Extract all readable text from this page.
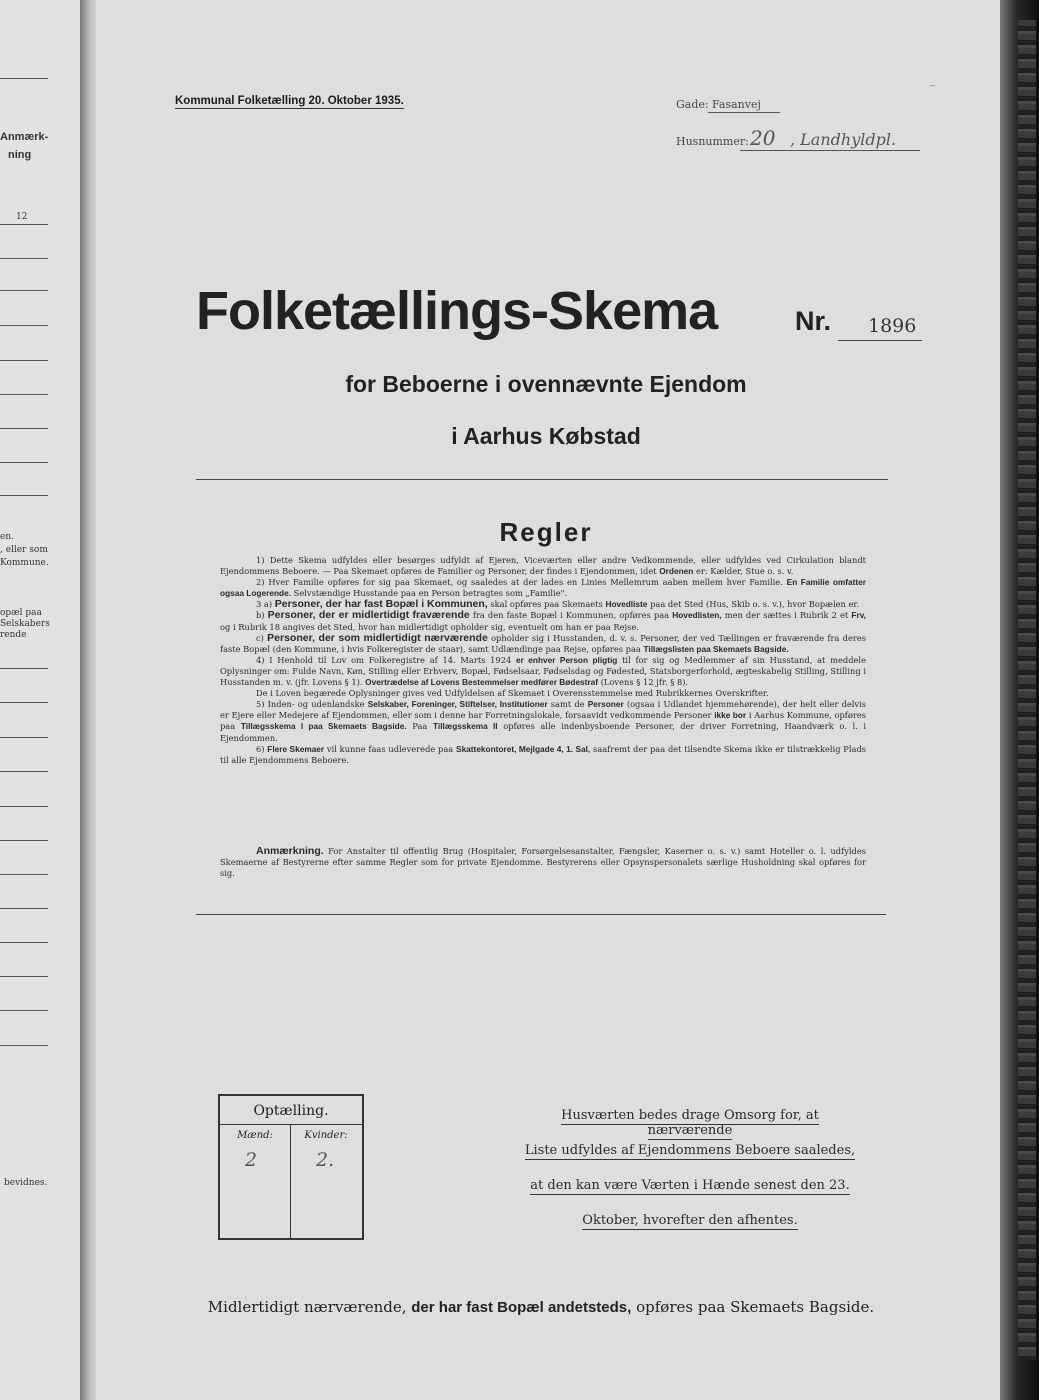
Anmærk-
ning
12
en.
, eller som
Kommune.
opæl paa
Selskabers
rende
bevidnes.
–
Kommunal Folketælling 20. Oktober 1935.	Gade: Fasanvej
Husnummer: 20 , Landhyldpl.
Folketællings-Skema	Nr. 1896
for Beboerne i ovennævnte Ejendom
i Aarhus Købstad
Regler

1) Dette Skema udfyldes eller besørges udfyldt af Ejeren, Viceværten eller andre Vedkommende, eller udfyldes ved Cirkulation blandt Ejendommens Beboere. — Paa Skemaet opføres de Familier og Personer, der findes i Ejendommen, idet Ordenen er: Kælder, Stue o. s. v.

2) Hver Familie opføres for sig paa Skemaet, og saaledes at der lades en Linies Mellemrum aaben mellem hver Familie. En Familie omfatter ogsaa Logerende. Selvstændige Husstande paa en Person betragtes som „Familie".

3 a) Personer, der har fast Bopæl i Kommunen, skal opføres paa Skemaets Hovedliste paa det Sted (Hus, Skib o. s. v.), hvor Bopælen er.

b) Personer, der er midlertidigt fraværende fra den faste Bopæl i Kommunen, opføres paa Hovedlisten, men der sættes i Rubrik 2 et Frv, og i Rubrik 18 angives det Sted, hvor han midlertidigt opholder sig, eventuelt om han er paa Rejse.

c) Personer, der som midlertidigt nærværende opholder sig i Husstanden, d. v. s. Personer, der ved Tællingen er fraværende fra deres faste Bopæl (den Kommune, i hvis Folkeregister de staar), samt Udlændinge paa Rejse, opføres paa Tillægslisten paa Skemaets Bagside.

4) I Henhold til Lov om Folkeregistre af 14. Marts 1924 er enhver Person pligtig til for sig og Medlemmer af sin Husstand, at meddele Oplysninger om: Fulde Navn, Køn, Stilling eller Erhverv, Bopæl, Fødselsaar, Fødselsdag og Fødested, Statsborgerforhold, ægteskabelig Stilling, Stilling i Husstanden m. v. (jfr. Lovens § 1). Overtrædelse af Lovens Bestemmelser medfører Bødestraf (Lovens § 12 jfr. § 8).

De i Loven begærede Oplysninger gives ved Udfyldelsen af Skemaet i Overensstemmelse med Rubrikkernes Overskrifter.

5) Inden- og udenlandske Selskaber, Foreninger, Stiftelser, Institutioner samt de Personer (ogsaa i Udlandet hjemmehørende), der helt eller delvis er Ejere eller Medejere af Ejendommen, eller som i denne har Forretningslokale, forsaavidt vedkommende Personer ikke bor i Aarhus Kommune, opføres paa Tillægsskema I paa Skemaets Bagside. Paa Tillægsskema II opføres alle indenbysboende Personer, der driver Forretning, Haandværk o. l. i Ejendommen.

6) Flere Skemaer vil kunne faas udleverede paa Skattekontoret, Mejlgade 4, 1. Sal, saafremt der paa det tilsendte Skema ikke er tilstrækkelig Plads til alle Ejendommens Beboere.

Anmærkning. For Anstalter til offentlig Brug (Hospitaler, Forsørgelsesanstalter, Fængsler, Kaserner o. s. v.) samt Hoteller o. l. udfyldes Skemaerne af Bestyrerne efter samme Regler som for private Ejendomme. Bestyrerens eller Opsynspersonalets særlige Husholdning skal opføres for sig.

Optælling.
Mænd:
2
Kvinder:
2.
Husværten bedes drage Omsorg for, at nærværende
Liste udfyldes af Ejendommens Beboere saaledes,
at den kan være Værten i Hænde senest den 23.
Oktober, hvorefter den afhentes.
Midlertidigt nærværende, der har fast Bopæl andetsteds, opføres paa Skemaets Bagside.
